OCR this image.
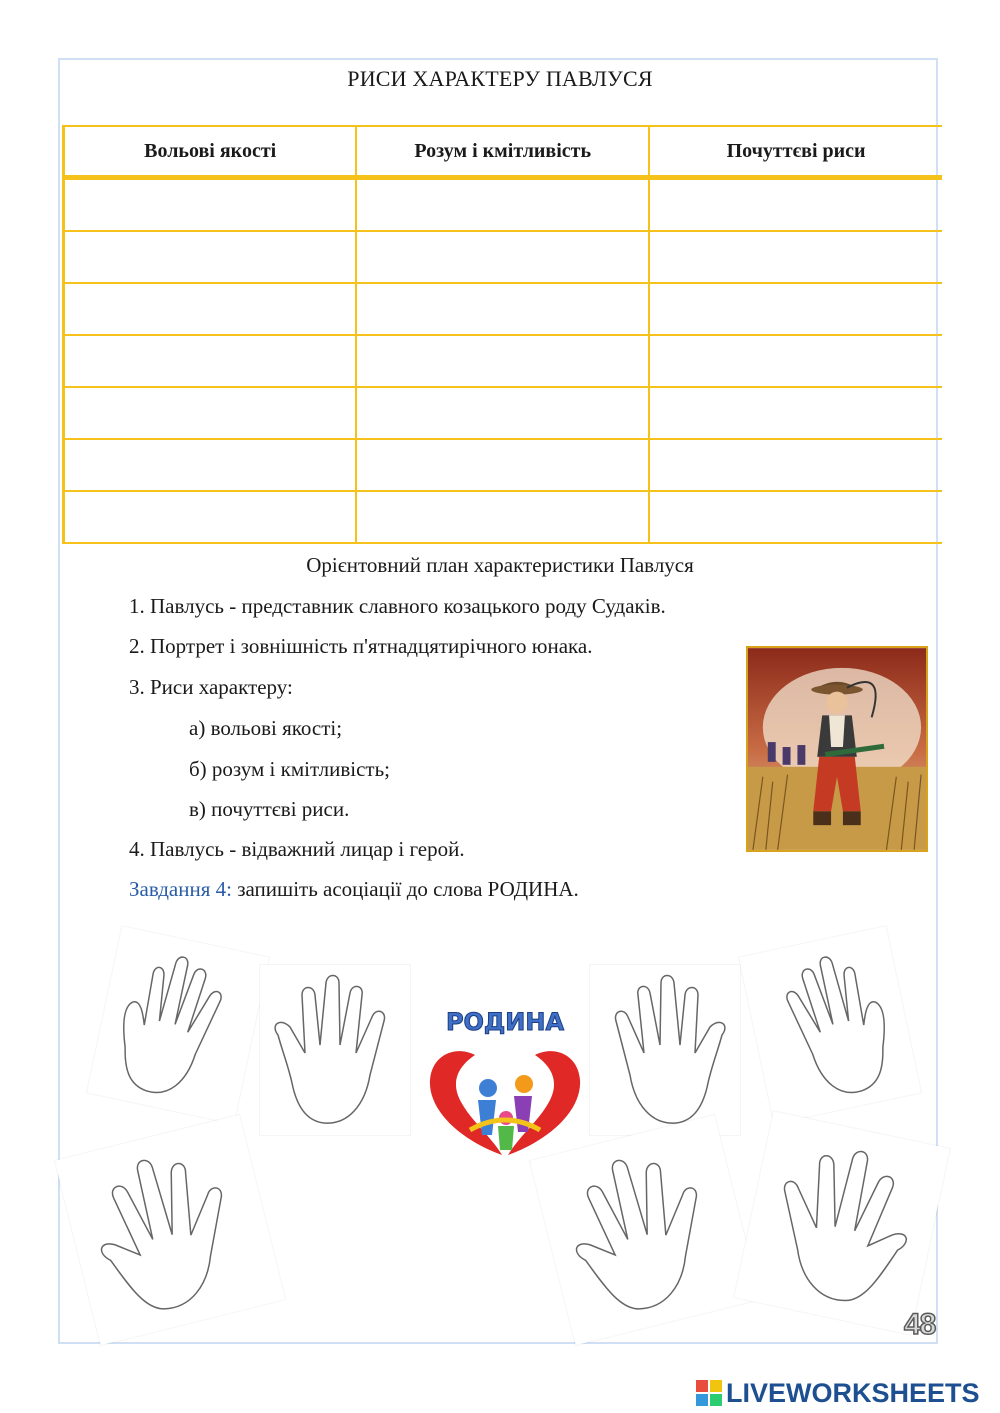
РИСИ ХАРАКТЕРУ ПАВЛУСЯ
Вольові якості	Розум і кмітливість	Почуттєві риси

Орієнтовний план характеристики Павлуся
1. Павлусь - представник славного козацького роду Судаків.
2. Портрет і зовнішність п'ятнадцятирічного юнака.
3. Риси характеру:
а) вольові якості;
б) розум і кмітливість;
в) почуттєві риси.
4. Павлусь - відважний лицар і герой.
Завдання 4: запишіть асоціації до слова РОДИНА.
РОДИНА
48
LIVEWORKSHEETS
